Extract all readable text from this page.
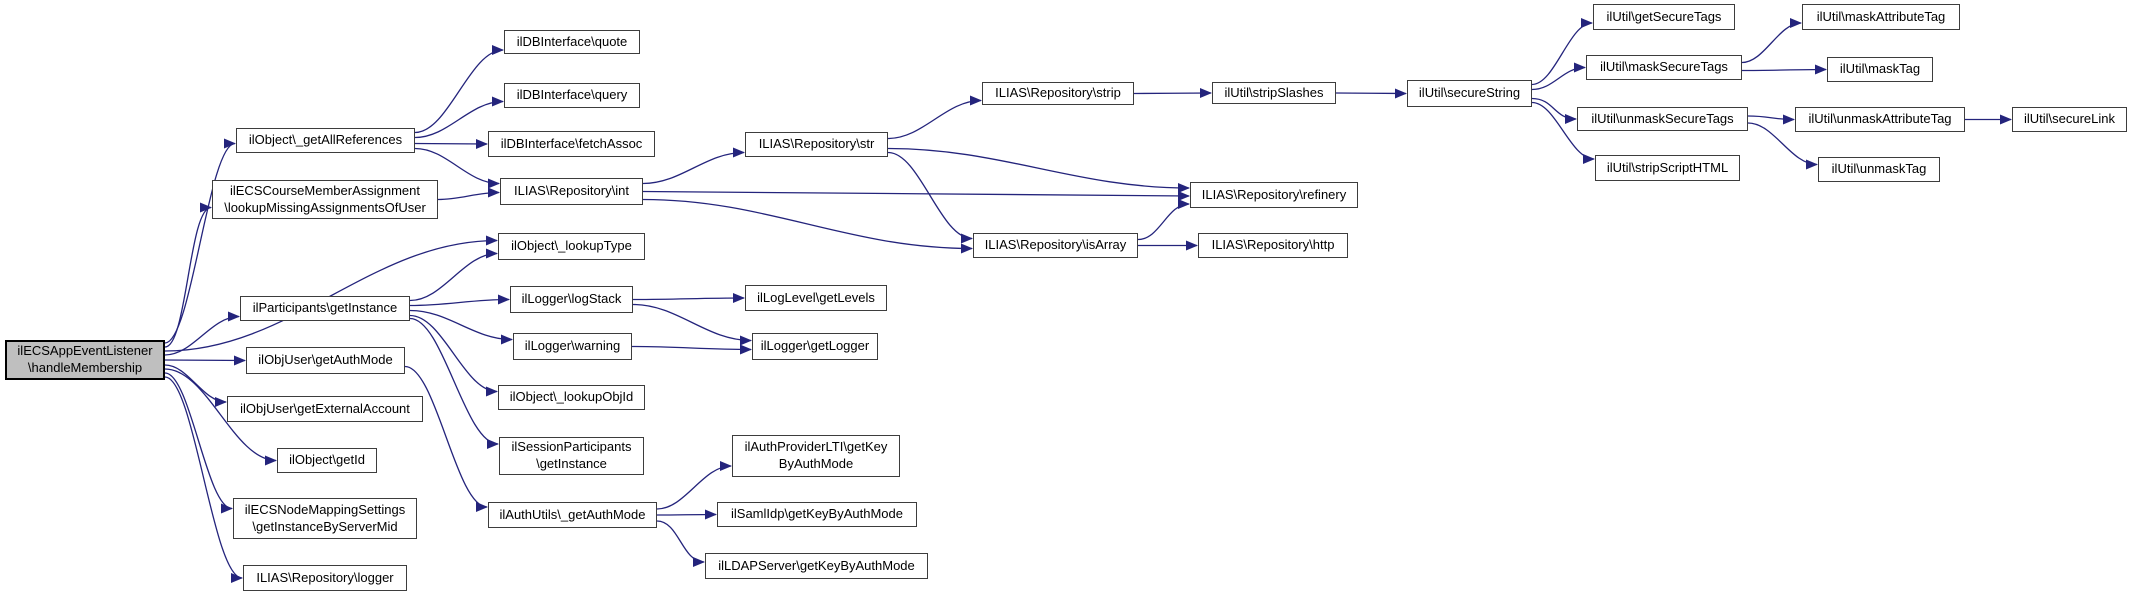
ilECSAppEventListener
\handleMembership
ilObject\_getAllReferences
ilECSCourseMemberAssignment
\lookupMissingAssignmentsOfUser
ilParticipants\getInstance
ilObjUser\getAuthMode
ilObjUser\getExternalAccount
ilObject\getId
ilECSNodeMappingSettings
\getInstanceByServerMid
ILIAS\Repository\logger
ilDBInterface\quote
ilDBInterface\query
ilDBInterface\fetchAssoc
ILIAS\Repository\int
ilObject\_lookupType
ilLogger\logStack
ilLogger\warning
ilObject\_lookupObjId
ilSessionParticipants
\getInstance
ilAuthUtils\_getAuthMode
ILIAS\Repository\str
ilLogLevel\getLevels
ilLogger\getLogger
ilAuthProviderLTI\getKey
ByAuthMode
ilSamlIdp\getKeyByAuthMode
ilLDAPServer\getKeyByAuthMode
ILIAS\Repository\strip
ILIAS\Repository\isArray
ilUtil\stripSlashes
ILIAS\Repository\refinery
ILIAS\Repository\http
ilUtil\secureString
ilUtil\getSecureTags
ilUtil\maskSecureTags
ilUtil\unmaskSecureTags
ilUtil\stripScriptHTML
ilUtil\maskAttributeTag
ilUtil\maskTag
ilUtil\unmaskAttributeTag
ilUtil\unmaskTag
ilUtil\secureLink
